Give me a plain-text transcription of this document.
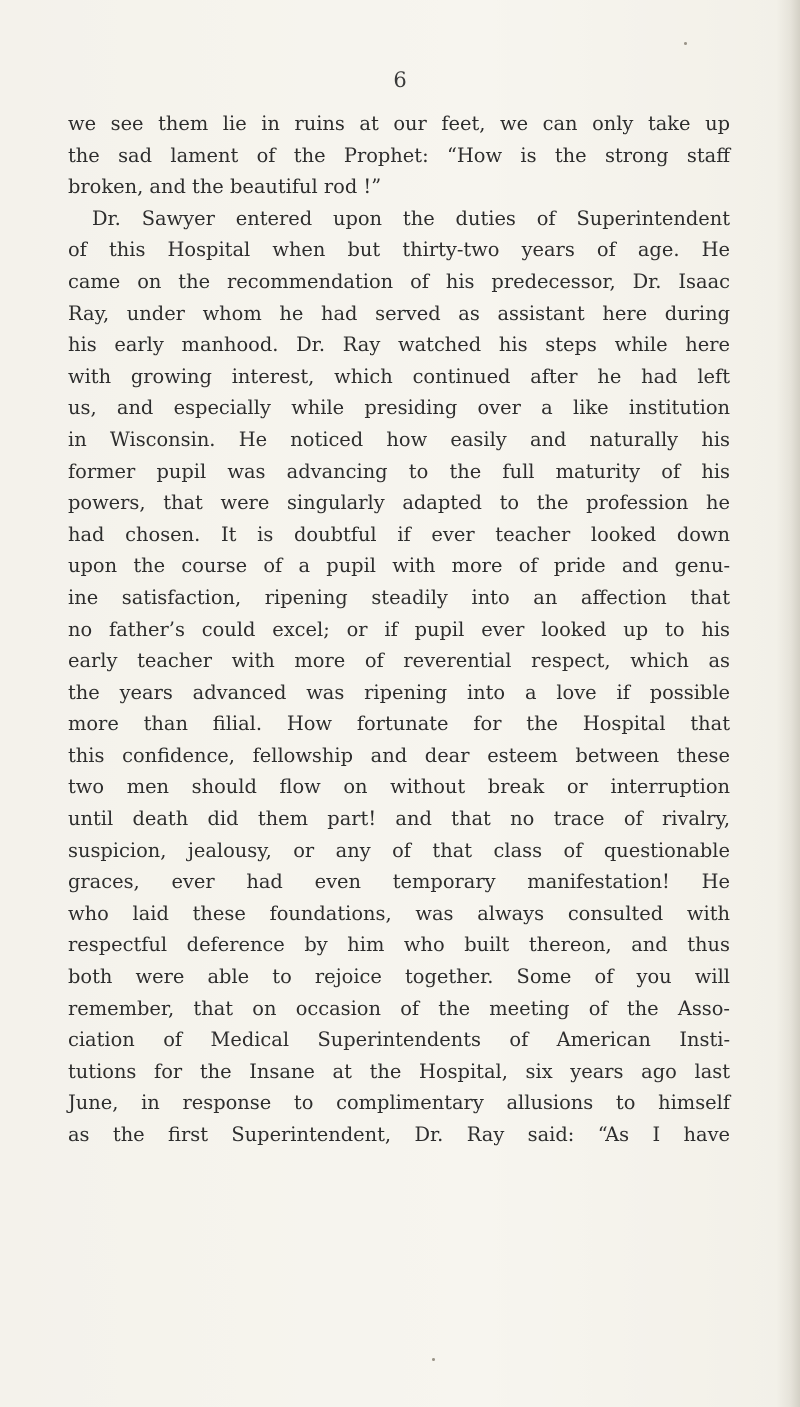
6
we see them lie in ruins at our feet, we can only take up
the sad lament of the Prophet: “How is the strong staff
broken, and the beautiful rod !”
Dr. Sawyer entered upon the duties of Superintendent
of this Hospital when but thirty-two years of age. He
came on the recommendation of his predecessor, Dr. Isaac
Ray, under whom he had served as assistant here during
his early manhood. Dr. Ray watched his steps while here
with growing interest, which continued after he had left
us, and especially while presiding over a like institution
in Wisconsin. He noticed how easily and naturally his
former pupil was advancing to the full maturity of his
powers, that were singularly adapted to the profession he
had chosen. It is doubtful if ever teacher looked down
upon the course of a pupil with more of pride and genu-
ine satisfaction, ripening steadily into an affection that
no father’s could excel; or if pupil ever looked up to his
early teacher with more of reverential respect, which as
the years advanced was ripening into a love if possible
more than filial. How fortunate for the Hospital that
this confidence, fellowship and dear esteem between these
two men should flow on without break or interruption
until death did them part! and that no trace of rivalry,
suspicion, jealousy, or any of that class of questionable
graces, ever had even temporary manifestation! He
who laid these foundations, was always consulted with
respectful deference by him who built thereon, and thus
both were able to rejoice together. Some of you will
remember, that on occasion of the meeting of the Asso-
ciation of Medical Superintendents of American Insti-
tutions for the Insane at the Hospital, six years ago last
June, in response to complimentary allusions to himself
as the first Superintendent, Dr. Ray said: “As I have
